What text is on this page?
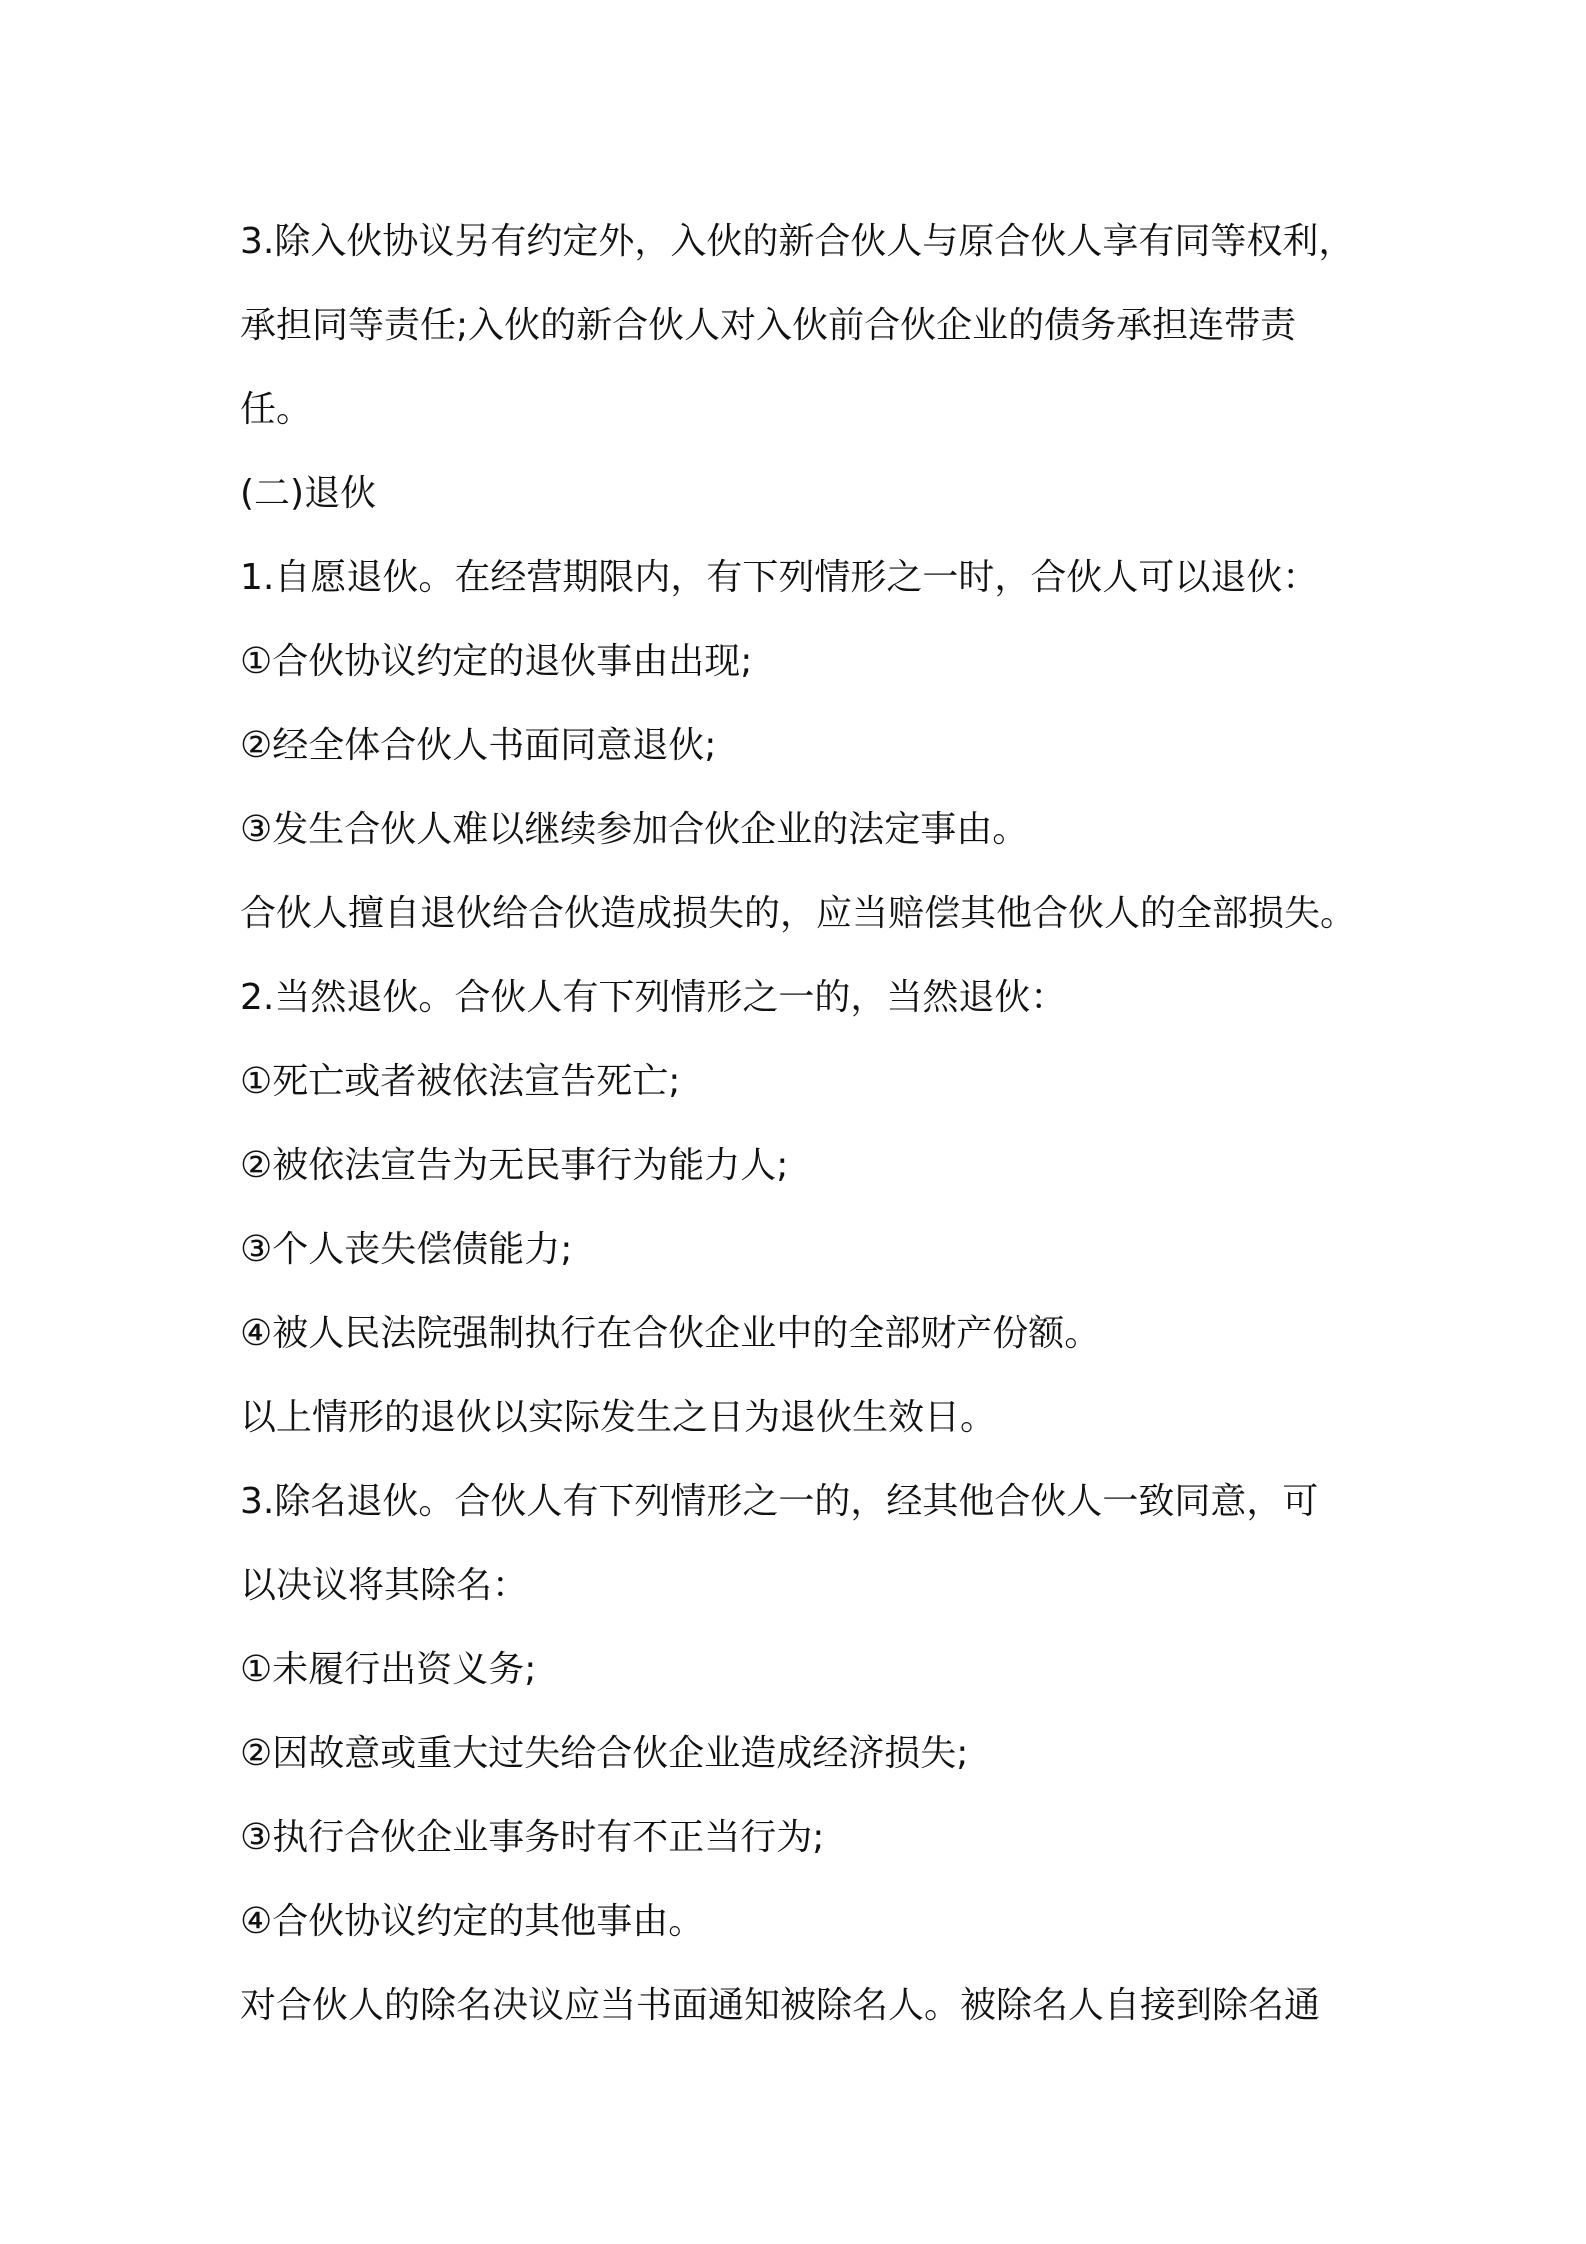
3.除入伙协议另有约定外，入伙的新合伙人与原合伙人享有同等权利，
承担同等责任;入伙的新合伙人对入伙前合伙企业的债务承担连带责
任。
(二)退伙
1.自愿退伙。在经营期限内，有下列情形之一时，合伙人可以退伙：
①合伙协议约定的退伙事由出现;
②经全体合伙人书面同意退伙;
③发生合伙人难以继续参加合伙企业的法定事由。
合伙人擅自退伙给合伙造成损失的，应当赔偿其他合伙人的全部损失。
2.当然退伙。合伙人有下列情形之一的，当然退伙：
①死亡或者被依法宣告死亡;
②被依法宣告为无民事行为能力人;
③个人丧失偿债能力;
④被人民法院强制执行在合伙企业中的全部财产份额。
以上情形的退伙以实际发生之日为退伙生效日。
3.除名退伙。合伙人有下列情形之一的，经其他合伙人一致同意，可
以决议将其除名：
①未履行出资义务;
②因故意或重大过失给合伙企业造成经济损失;
③执行合伙企业事务时有不正当行为;
④合伙协议约定的其他事由。
对合伙人的除名决议应当书面通知被除名人。被除名人自接到除名通
